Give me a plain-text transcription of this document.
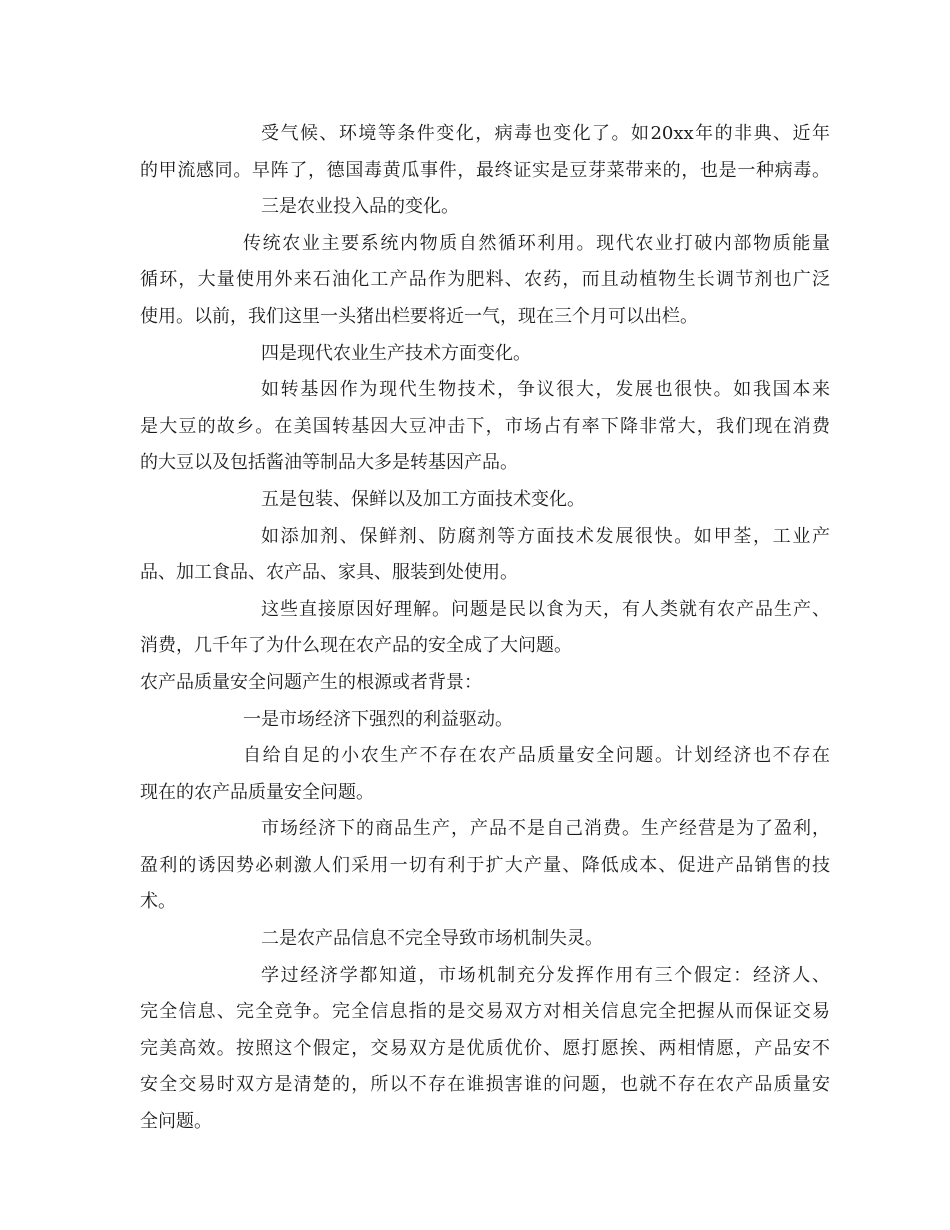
受气候、环境等条件变化，病毒也变化了。如20xx年的非典、近年
的甲流感同。早阵了，德国毒黄瓜事件，最终证实是豆芽菜带来的，也是一种病毒。
三是农业投入品的变化。
传统农业主要系统内物质自然循环利用。现代农业打破内部物质能量
循环，大量使用外来石油化工产品作为肥料、农药，而且动植物生长调节剂也广泛
使用。以前，我们这里一头猪出栏要将近一气，现在三个月可以出栏。
四是现代农业生产技术方面变化。
如转基因作为现代生物技术，争议很大，发展也很快。如我国本来
是大豆的故乡。在美国转基因大豆冲击下，市场占有率下降非常大，我们现在消费
的大豆以及包括酱油等制品大多是转基因产品。
五是包装、保鲜以及加工方面技术变化。
如添加剂、保鲜剂、防腐剂等方面技术发展很快。如甲荃，工业产
品、加工食品、农产品、家具、服装到处使用。
这些直接原因好理解。问题是民以食为天，有人类就有农产品生产、
消费，几千年了为什么现在农产品的安全成了大问题。
农产品质量安全问题产生的根源或者背景：
一是市场经济下强烈的利益驱动。
自给自足的小农生产不存在农产品质量安全问题。计划经济也不存在
现在的农产品质量安全问题。
市场经济下的商品生产，产品不是自己消费。生产经营是为了盈利，
盈利的诱因势必刺激人们采用一切有利于扩大产量、降低成本、促进产品销售的技
术。
二是农产品信息不完全导致市场机制失灵。
学过经济学都知道，市场机制充分发挥作用有三个假定：经济人、
完全信息、完全竞争。完全信息指的是交易双方对相关信息完全把握从而保证交易
完美高效。按照这个假定，交易双方是优质优价、愿打愿挨、两相情愿，产品安不
安全交易时双方是清楚的，所以不存在谁损害谁的问题，也就不存在农产品质量安
全问题。
